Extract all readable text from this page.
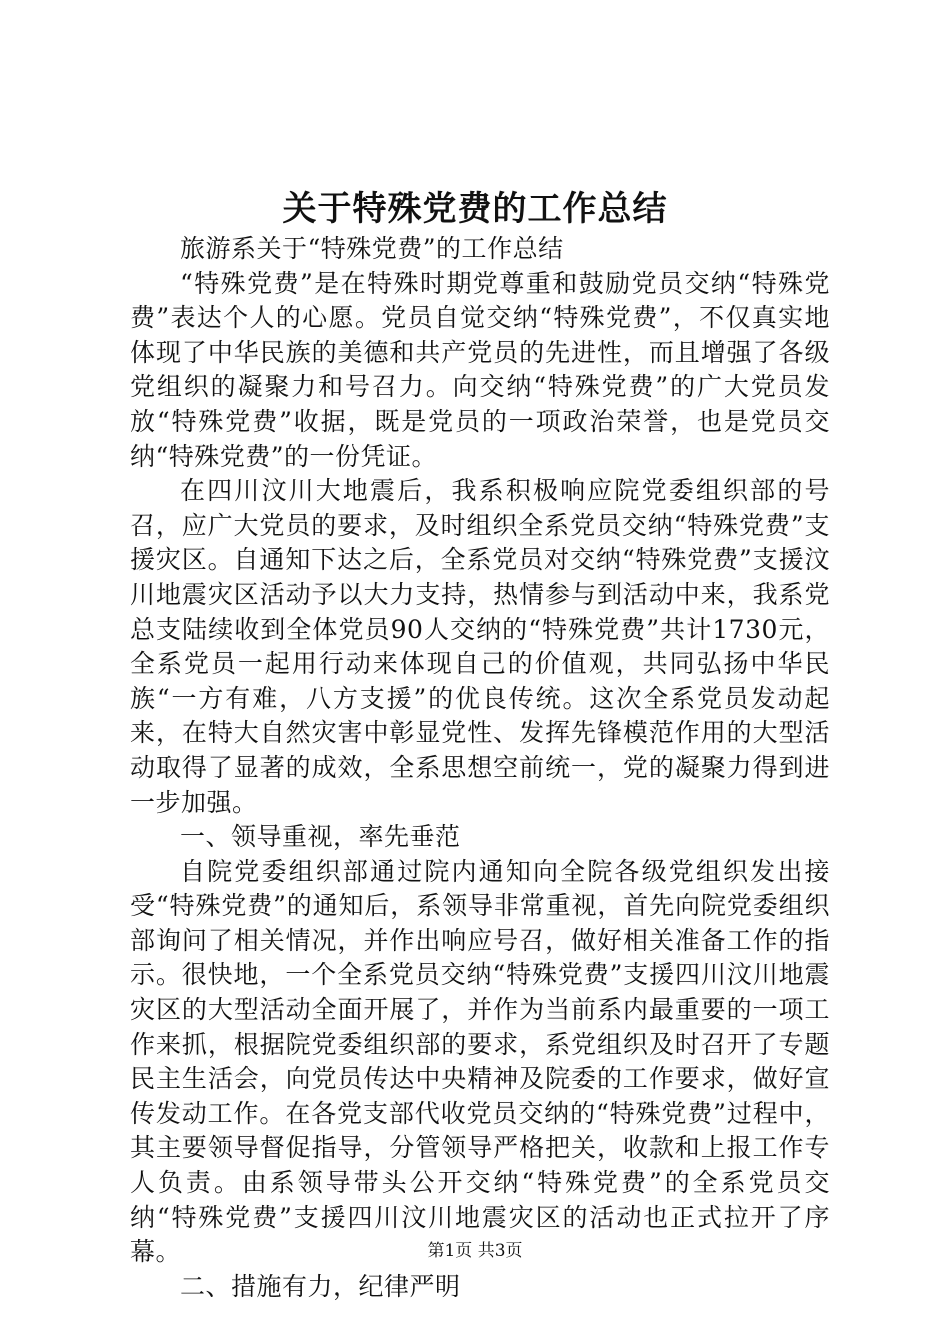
关于特殊党费的工作总结

旅游系关于“特殊党费”的工作总结

“特殊党费”是在特殊时期党尊重和鼓励党员交纳“特殊党费”表达个人的心愿。党员自觉交纳“特殊党费”，不仅真实地体现了中华民族的美德和共产党员的先进性，而且增强了各级党组织的凝聚力和号召力。向交纳“特殊党费”的广大党员发放“特殊党费”收据，既是党员的一项政治荣誉，也是党员交纳“特殊党费”的一份凭证。

在四川汶川大地震后，我系积极响应院党委组织部的号召，应广大党员的要求，及时组织全系党员交纳“特殊党费”支援灾区。自通知下达之后，全系党员对交纳“特殊党费”支援汶川地震灾区活动予以大力支持，热情参与到活动中来，我系党总支陆续收到全体党员90人交纳的“特殊党费”共计1730元，全系党员一起用行动来体现自己的价值观，共同弘扬中华民族“一方有难，八方支援”的优良传统。这次全系党员发动起来，在特大自然灾害中彰显党性、发挥先锋模范作用的大型活动取得了显著的成效，全系思想空前统一，党的凝聚力得到进一步加强。

一、领导重视，率先垂范

自院党委组织部通过院内通知向全院各级党组织发出接受“特殊党费”的通知后，系领导非常重视，首先向院党委组织部询问了相关情况，并作出响应号召，做好相关准备工作的指示。很快地，一个全系党员交纳“特殊党费”支援四川汶川地震灾区的大型活动全面开展了，并作为当前系内最重要的一项工作来抓，根据院党委组织部的要求，系党组织及时召开了专题民主生活会，向党员传达中央精神及院委的工作要求，做好宣传发动工作。在各党支部代收党员交纳的“特殊党费”过程中，其主要领导督促指导，分管领导严格把关，收款和上报工作专人负责。由系领导带头公开交纳“特殊党费”的全系党员交纳“特殊党费”支援四川汶川地震灾区的活动也正式拉开了序幕。

二、措施有力，纪律严明

第1页 共3页
